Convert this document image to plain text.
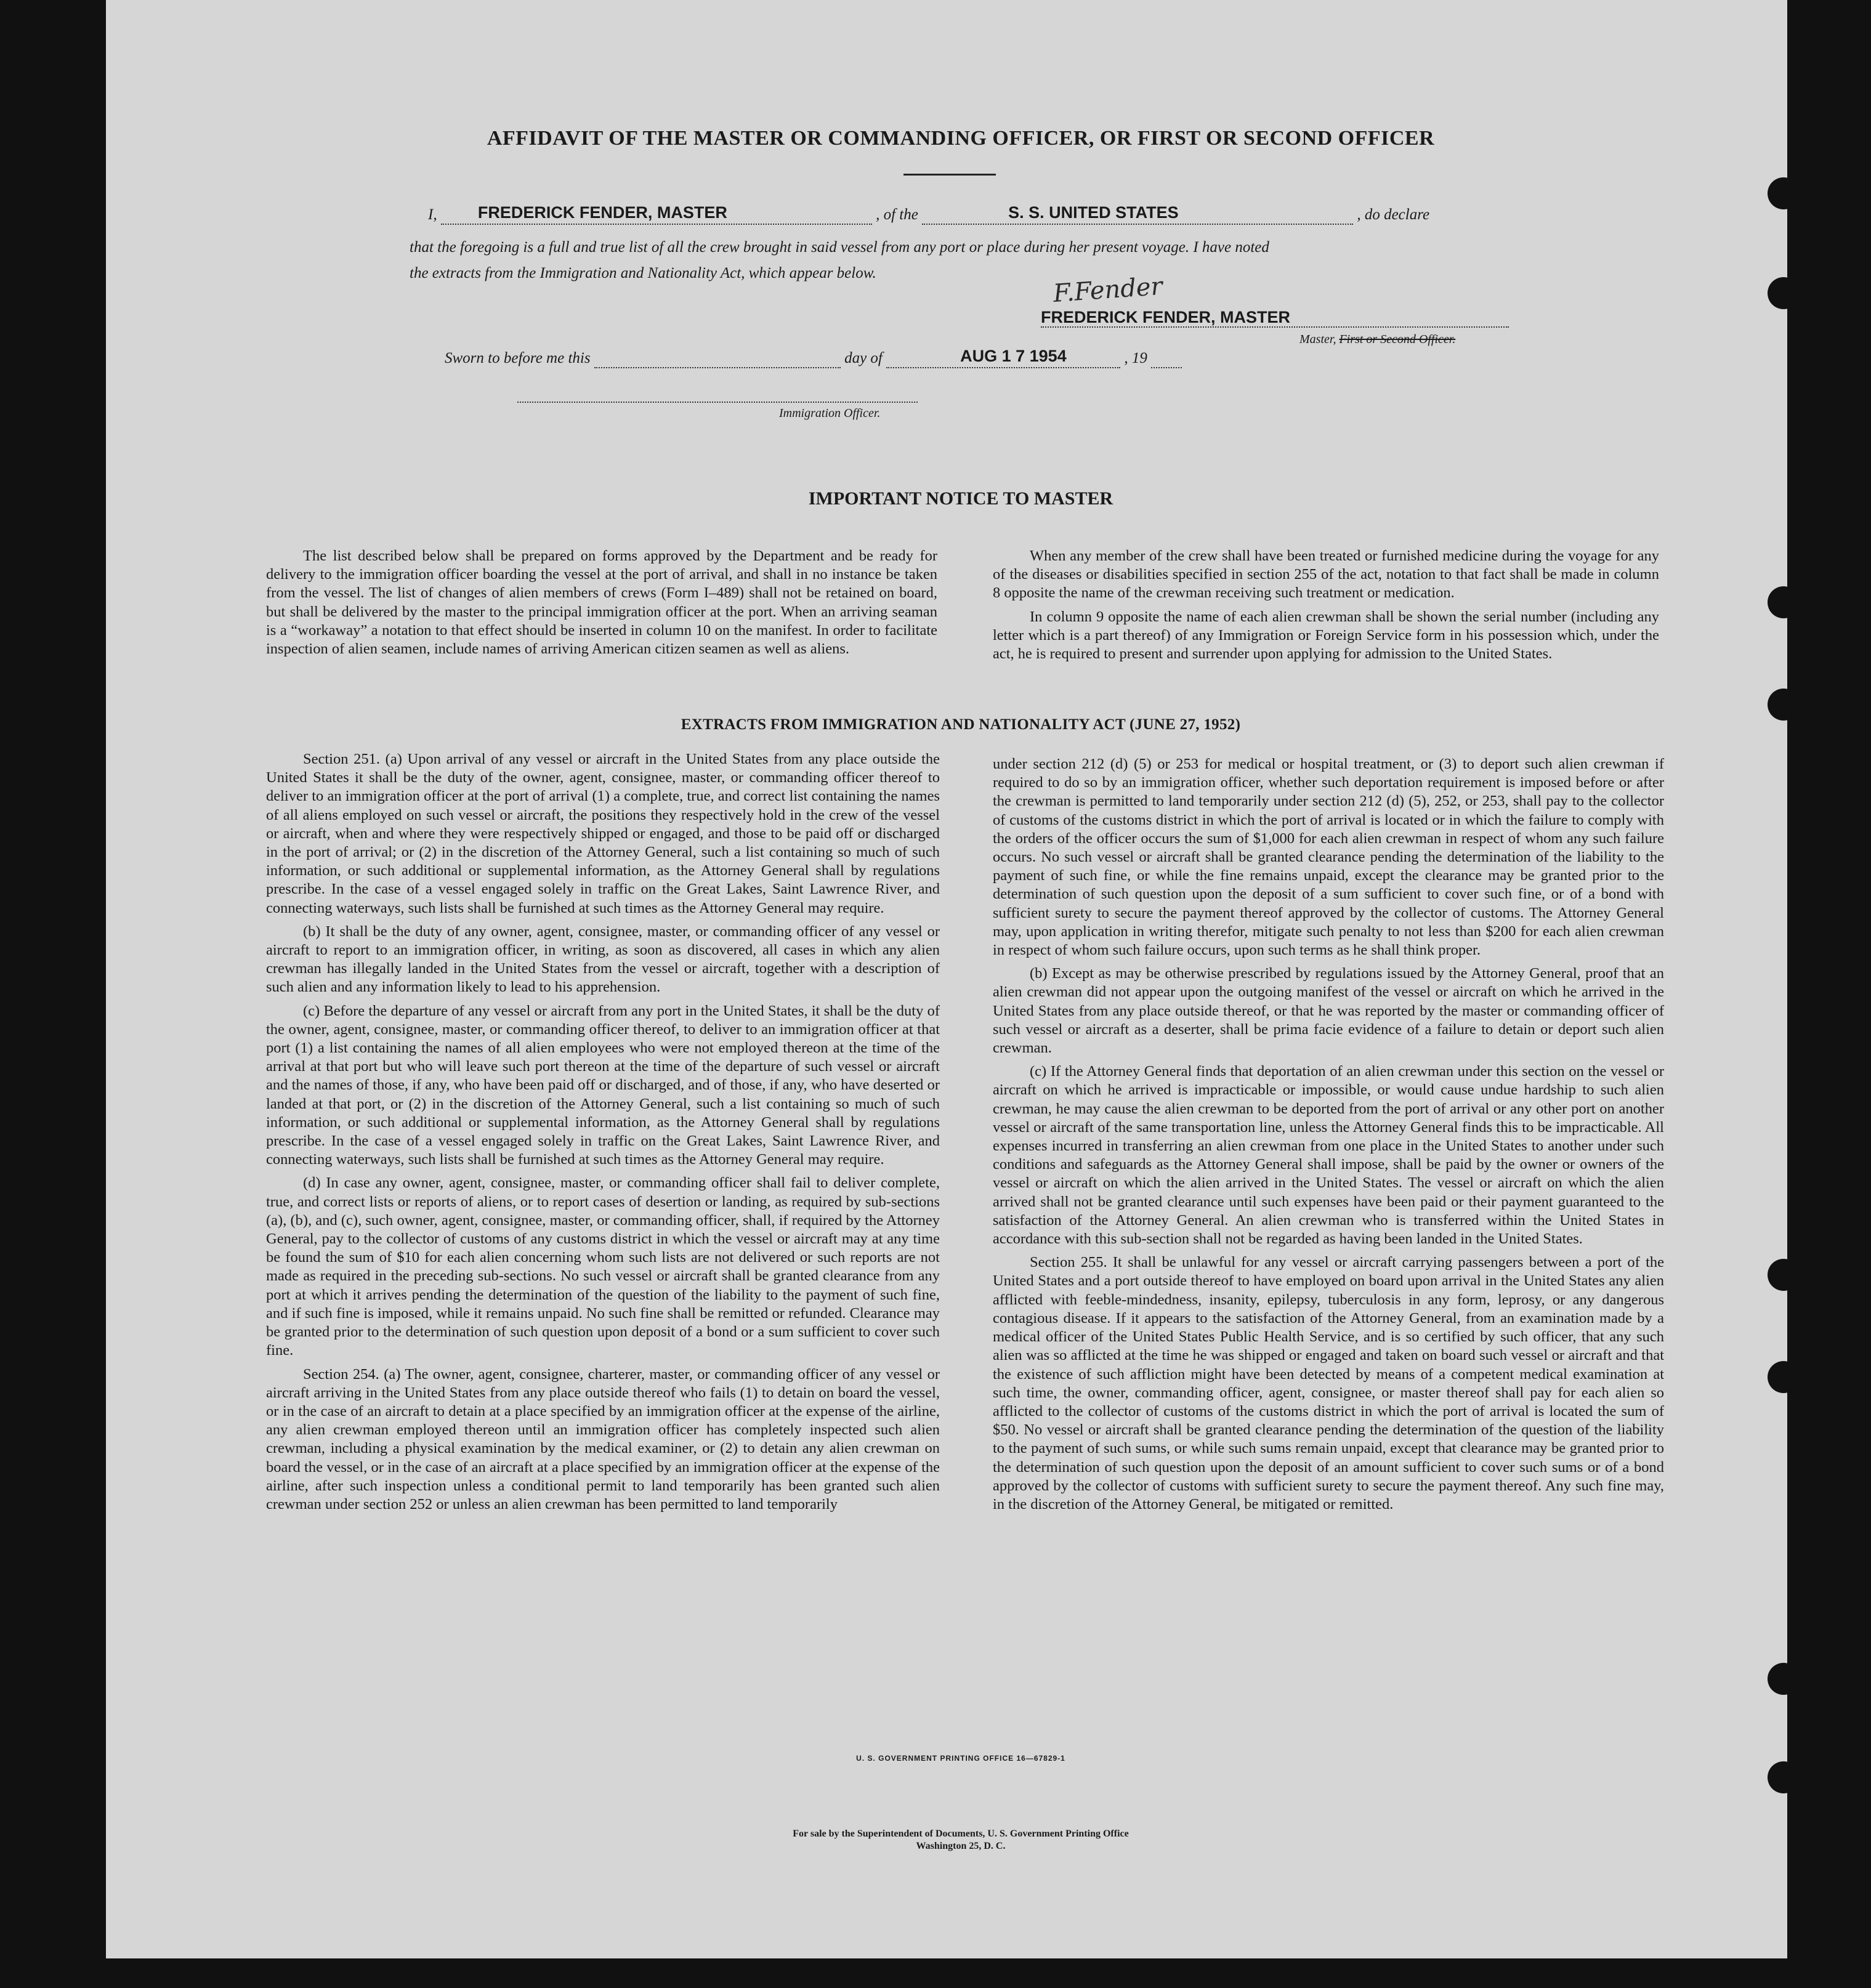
AFFIDAVIT OF THE MASTER OR COMMANDING OFFICER, OR FIRST OR SECOND OFFICER
I, FREDERICK FENDER, MASTER	, of the	S. S. UNITED STATES	, do declare
that the foregoing is a full and true list of all the crew brought in said vessel from any port or place during her present voyage. I have noted
the extracts from the Immigration and Nationality Act, which appear below.	F.Fender
FREDERICK FENDER, MASTER
Master, First or Second Officer.
Sworn to before me this	day of	AUG 1 7 1954	, 19
Immigration Officer.
IMPORTANT NOTICE TO MASTER

The list described below shall be prepared on forms approved by the Department and be ready for delivery to the immigration officer boarding the vessel at the port of arrival, and shall in no instance be taken from the vessel. The list of changes of alien members of crews (Form I–489) shall not be retained on board, but shall be delivered by the master to the principal immigration officer at the port. When an arriving seaman is a “workaway” a notation to that effect should be inserted in column 10 on the manifest. In order to facilitate inspection of alien seamen, include names of arriving American citizen seamen as well as aliens.

When any member of the crew shall have been treated or furnished medicine during the voyage for any of the diseases or disabilities specified in section 255 of the act, notation to that fact shall be made in column 8 opposite the name of the crewman receiving such treatment or medication.

In column 9 opposite the name of each alien crewman shall be shown the serial number (including any letter which is a part thereof) of any Immigration or Foreign Service form in his possession which, under the act, he is required to present and surrender upon applying for admission to the United States.

EXTRACTS FROM IMMIGRATION AND NATIONALITY ACT (JUNE 27, 1952)

Section 251. (a) Upon arrival of any vessel or aircraft in the United States from any place outside the United States it shall be the duty of the owner, agent, consignee, master, or commanding officer thereof to deliver to an immigration officer at the port of arrival (1) a complete, true, and correct list containing the names of all aliens employed on such vessel or aircraft, the positions they respectively hold in the crew of the vessel or aircraft, when and where they were respectively shipped or engaged, and those to be paid off or discharged in the port of arrival; or (2) in the discretion of the Attorney General, such a list containing so much of such information, or such additional or supplemental information, as the Attorney General shall by regulations prescribe. In the case of a vessel engaged solely in traffic on the Great Lakes, Saint Lawrence River, and connecting waterways, such lists shall be furnished at such times as the Attorney General may require.

(b) It shall be the duty of any owner, agent, consignee, master, or commanding officer of any vessel or aircraft to report to an immigration officer, in writing, as soon as discovered, all cases in which any alien crewman has illegally landed in the United States from the vessel or aircraft, together with a description of such alien and any information likely to lead to his apprehension.

(c) Before the departure of any vessel or aircraft from any port in the United States, it shall be the duty of the owner, agent, consignee, master, or commanding officer thereof, to deliver to an immigration officer at that port (1) a list containing the names of all alien employees who were not employed thereon at the time of the arrival at that port but who will leave such port thereon at the time of the departure of such vessel or aircraft and the names of those, if any, who have been paid off or discharged, and of those, if any, who have deserted or landed at that port, or (2) in the discretion of the Attorney General, such a list containing so much of such information, or such additional or supplemental information, as the Attorney General shall by regulations prescribe. In the case of a vessel engaged solely in traffic on the Great Lakes, Saint Lawrence River, and connecting waterways, such lists shall be furnished at such times as the Attorney General may require.

(d) In case any owner, agent, consignee, master, or commanding officer shall fail to deliver complete, true, and correct lists or reports of aliens, or to report cases of desertion or landing, as required by sub-sections (a), (b), and (c), such owner, agent, consignee, master, or commanding officer, shall, if required by the Attorney General, pay to the collector of customs of any customs district in which the vessel or aircraft may at any time be found the sum of $10 for each alien concerning whom such lists are not delivered or such reports are not made as required in the preceding sub-sections. No such vessel or aircraft shall be granted clearance from any port at which it arrives pending the determination of the question of the liability to the payment of such fine, and if such fine is imposed, while it remains unpaid. No such fine shall be remitted or refunded. Clearance may be granted prior to the determination of such question upon deposit of a bond or a sum sufficient to cover such fine.

Section 254. (a) The owner, agent, consignee, charterer, master, or commanding officer of any vessel or aircraft arriving in the United States from any place outside thereof who fails (1) to detain on board the vessel, or in the case of an aircraft to detain at a place specified by an immigration officer at the expense of the airline, any alien crewman employed thereon until an immigration officer has completely inspected such alien crewman, including a physical examination by the medical examiner, or (2) to detain any alien crewman on board the vessel, or in the case of an aircraft at a place specified by an immigration officer at the expense of the airline, after such inspection unless a conditional permit to land temporarily has been granted such alien crewman under section 252 or unless an alien crewman has been permitted to land temporarily

under section 212 (d) (5) or 253 for medical or hospital treatment, or (3) to deport such alien crewman if required to do so by an immigration officer, whether such deportation requirement is imposed before or after the crewman is permitted to land temporarily under section 212 (d) (5), 252, or 253, shall pay to the collector of customs of the customs district in which the port of arrival is located or in which the failure to comply with the orders of the officer occurs the sum of $1,000 for each alien crewman in respect of whom any such failure occurs. No such vessel or aircraft shall be granted clearance pending the determination of the liability to the payment of such fine, or while the fine remains unpaid, except the clearance may be granted prior to the determination of such question upon the deposit of a sum sufficient to cover such fine, or of a bond with sufficient surety to secure the payment thereof approved by the collector of customs. The Attorney General may, upon application in writing therefor, mitigate such penalty to not less than $200 for each alien crewman in respect of whom such failure occurs, upon such terms as he shall think proper.

(b) Except as may be otherwise prescribed by regulations issued by the Attorney General, proof that an alien crewman did not appear upon the outgoing manifest of the vessel or aircraft on which he arrived in the United States from any place outside thereof, or that he was reported by the master or commanding officer of such vessel or aircraft as a deserter, shall be prima facie evidence of a failure to detain or deport such alien crewman.

(c) If the Attorney General finds that deportation of an alien crewman under this section on the vessel or aircraft on which he arrived is impracticable or impossible, or would cause undue hardship to such alien crewman, he may cause the alien crewman to be deported from the port of arrival or any other port on another vessel or aircraft of the same transportation line, unless the Attorney General finds this to be impracticable. All expenses incurred in transferring an alien crewman from one place in the United States to another under such conditions and safeguards as the Attorney General shall impose, shall be paid by the owner or owners of the vessel or aircraft on which the alien arrived in the United States. The vessel or aircraft on which the alien arrived shall not be granted clearance until such expenses have been paid or their payment guaranteed to the satisfaction of the Attorney General. An alien crewman who is transferred within the United States in accordance with this sub-section shall not be regarded as having been landed in the United States.

Section 255. It shall be unlawful for any vessel or aircraft carrying passengers between a port of the United States and a port outside thereof to have employed on board upon arrival in the United States any alien afflicted with feeble-mindedness, insanity, epilepsy, tuberculosis in any form, leprosy, or any dangerous contagious disease. If it appears to the satisfaction of the Attorney General, from an examination made by a medical officer of the United States Public Health Service, and is so certified by such officer, that any such alien was so afflicted at the time he was shipped or engaged and taken on board such vessel or aircraft and that the existence of such affliction might have been detected by means of a competent medical examination at such time, the owner, commanding officer, agent, consignee, or master thereof shall pay for each alien so afflicted to the collector of customs of the customs district in which the port of arrival is located the sum of $50. No vessel or aircraft shall be granted clearance pending the determination of the question of the liability to the payment of such sums, or while such sums remain unpaid, except that clearance may be granted prior to the determination of such question upon the deposit of an amount sufficient to cover such sums or of a bond approved by the collector of customs with sufficient surety to secure the payment thereof. Any such fine may, in the discretion of the Attorney General, be mitigated or remitted.

U. S. GOVERNMENT PRINTING OFFICE 16—67829-1
For sale by the Superintendent of Documents, U. S. Government Printing Office
Washington 25, D. C.
